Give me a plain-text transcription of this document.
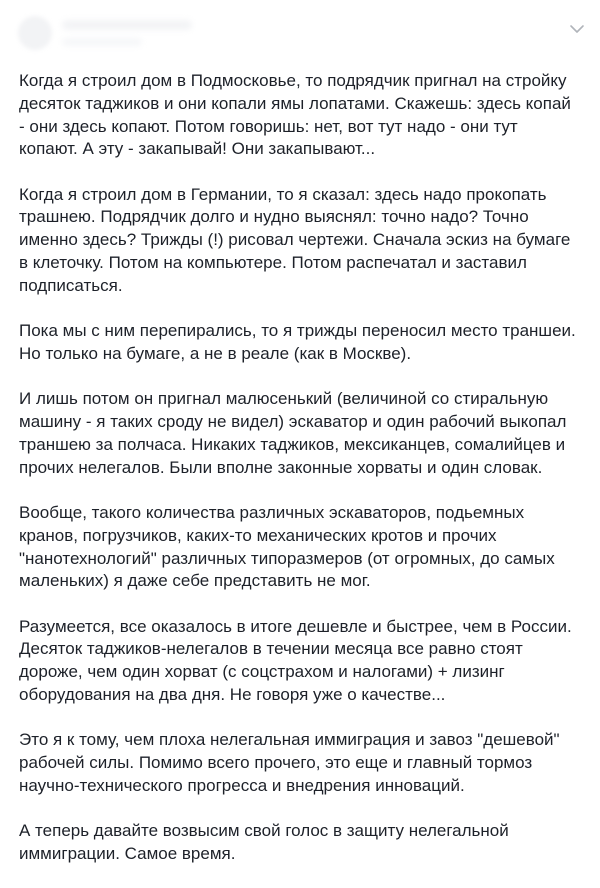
Когда я строил дом в Подмосковье, то подрядчик пригнал на стройку
десяток таджиков и они копали ямы лопатами. Скажешь: здесь копай
- они здесь копают. Потом говоришь: нет, вот тут надо - они тут
копают. А эту - закапывай! Они закапывают...

Когда я строил дом в Германии, то я сказал: здесь надо прокопать
трашнею. Подрядчик долго и нудно выяснял: точно надо? Точно
именно здесь? Трижды (!) рисовал чертежи. Сначала эскиз на бумаге
в клеточку. Потом на компьютере. Потом распечатал и заставил
подписаться.

Пока мы с ним перепирались, то я трижды переносил место траншеи.
Но только на бумаге, а не в реале (как в Москве).

И лишь потом он пригнал малюсенький (величиной со стиральную
машину - я таких сроду не видел) эскаватор и один рабочий выкопал
траншею за полчаса. Никаких таджиков, мексиканцев, сомалийцев и
прочих нелегалов. Были вполне законные хорваты и один словак.

Вообще, такого количества различных эскаваторов, подьемных
кранов, погрузчиков, каких-то механических кротов и прочих
"нанотехнологий" различных типоразмеров (от огромных, до самых
маленьких) я даже себе представить не мог.

Разумеется, все оказалось в итоге дешевле и быстрее, чем в России.
Десяток таджиков-нелегалов в течении месяца все равно стоят
дороже, чем один хорват (с соцстрахом и налогами) + лизинг
оборудования на два дня. Не говоря уже о качестве...

Это я к тому, чем плоха нелегальная иммиграция и завоз "дешевой"
рабочей силы. Помимо всего прочего, это еще и главный тормоз
научно-технического прогресса и внедрения инноваций.

А теперь давайте возвысим свой голос в защиту нелегальной
иммиграции. Самое время.
